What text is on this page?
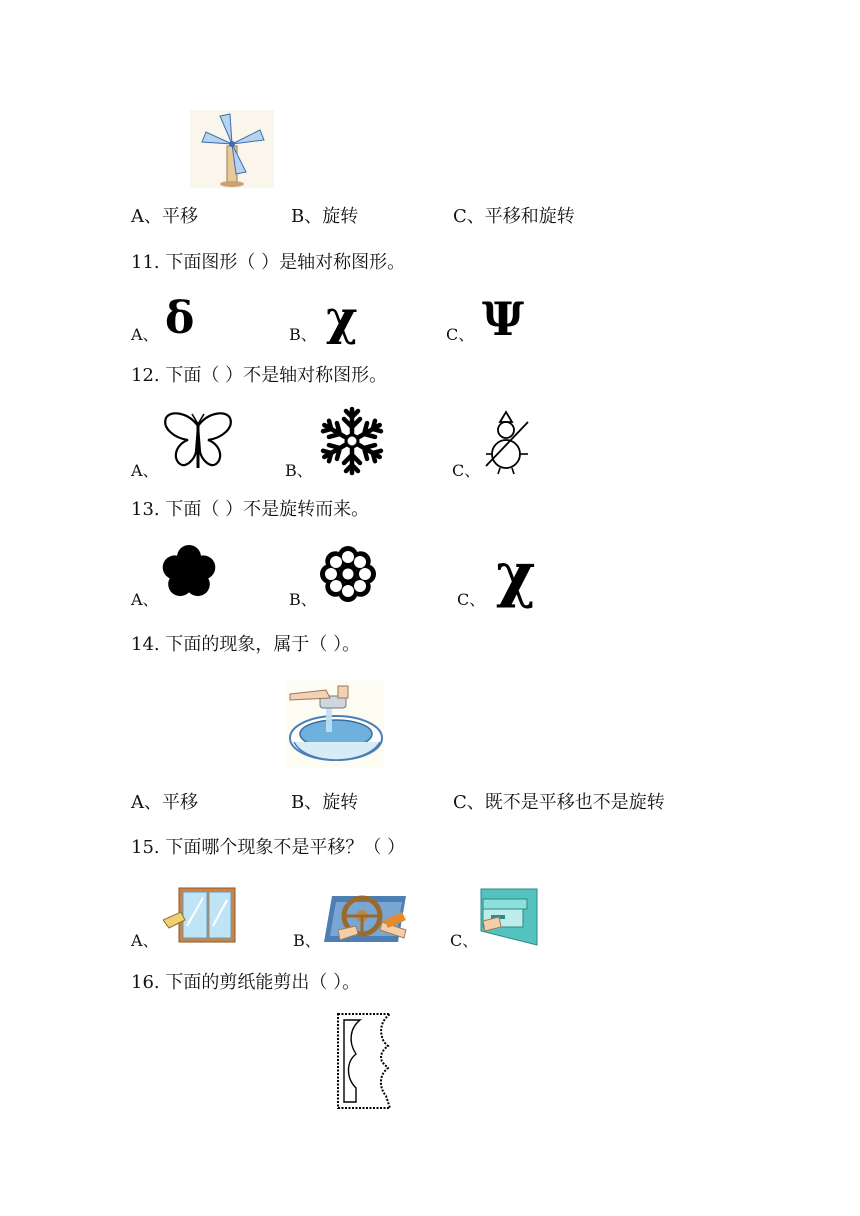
A、平移	B、旋转	C、平移和旋转
11. 下面图形（ ）是轴对称图形。
A、 δ	B、 χ	C、 Ψ
12. 下面（ ）不是轴对称图形。
A、	B、	C、
13. 下面（ ）不是旋转而来。
A、	B、	C、 χ
14. 下面的现象，属于（ ）。
A、平移	B、旋转	C、既不是平移也不是旋转
15. 下面哪个现象不是平移？（ ）
A、	B、	C、
16. 下面的剪纸能剪出（ ）。
